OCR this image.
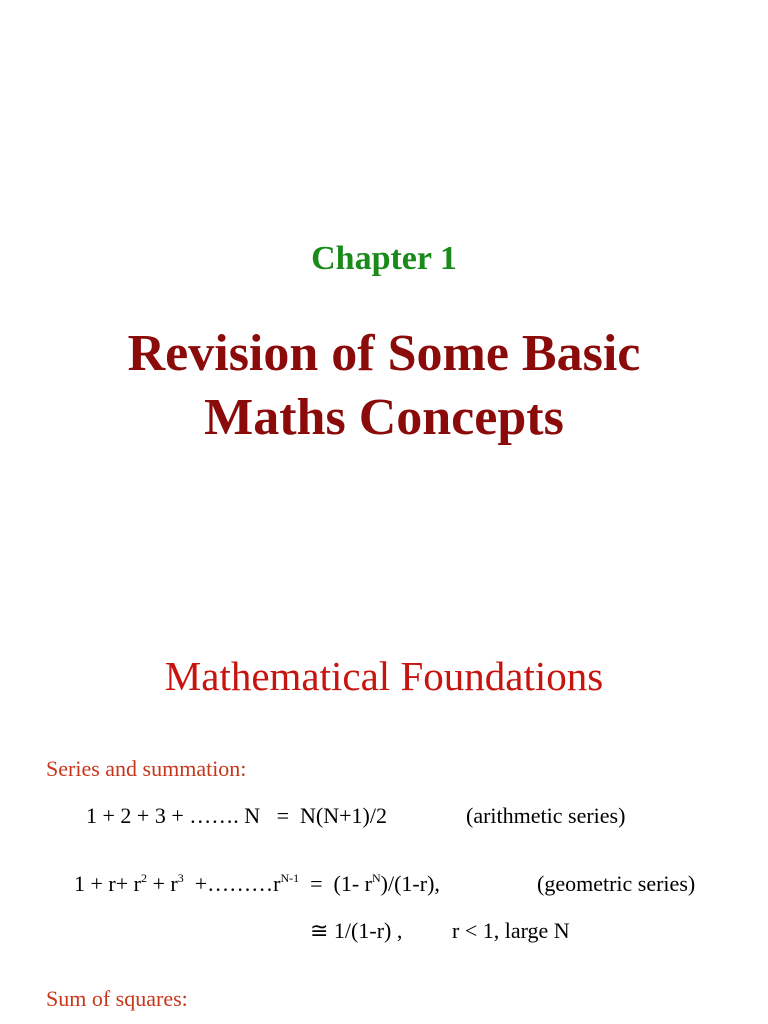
Chapter 1
Revision of Some Basic
Maths Concepts
Mathematical Foundations
Series and summation:
1 + 2 + 3 + ……. N   =  N(N+1)/2	(arithmetic series)
$1 + r+ r^2 + r^3$  $+\dots\dots\dots r^{N-1} = (1-$ $r^N)/(1-r)$,	(geometric series)
≅ 1/(1-r) , r < 1, large N
Sum of squares:
